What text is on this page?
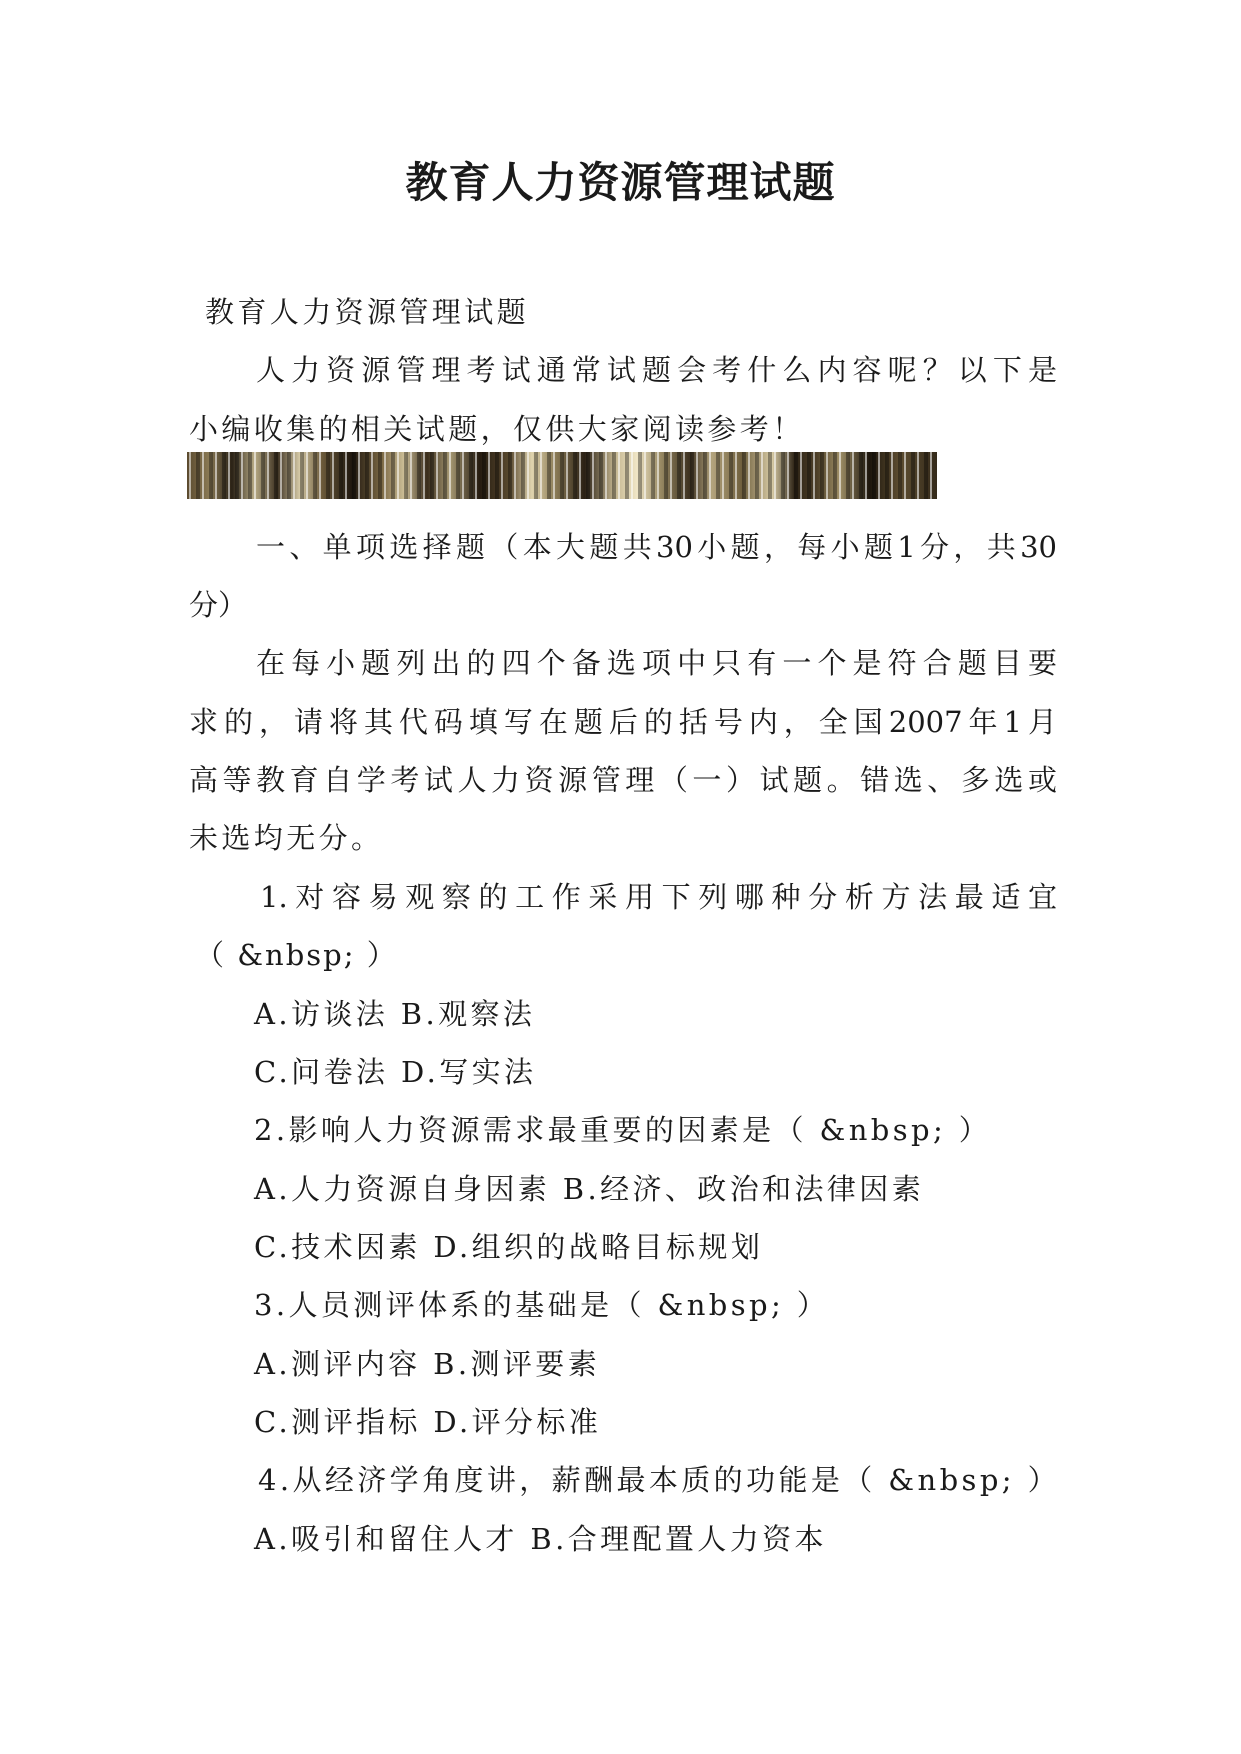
教育人力资源管理试题

教育人力资源管理试题

人力资源管理考试通常试题会考什么内容呢？以下是

小编收集的相关试题，仅供大家阅读参考！

一、单项选择题（本大题共30小题，每小题1分，共30

分）

在每小题列出的四个备选项中只有一个是符合题目要

求的，请将其代码填写在题后的括号内，全国2007年1月

高等教育自学考试人力资源管理（一）试题。错选、多选或

未选均无分。

1.对容易观察的工作采用下列哪种分析方法最适宜

（ &nbsp; ）

A.访谈法 B.观察法

C.问卷法 D.写实法

2.影响人力资源需求最重要的因素是（ &nbsp; ）

A.人力资源自身因素 B.经济、政治和法律因素

C.技术因素 D.组织的战略目标规划

3.人员测评体系的基础是（ &nbsp; ）

A.测评内容 B.测评要素

C.测评指标 D.评分标准

4.从经济学角度讲，薪酬最本质的功能是（ &nbsp; ）

A.吸引和留住人才 B.合理配置人力资本
